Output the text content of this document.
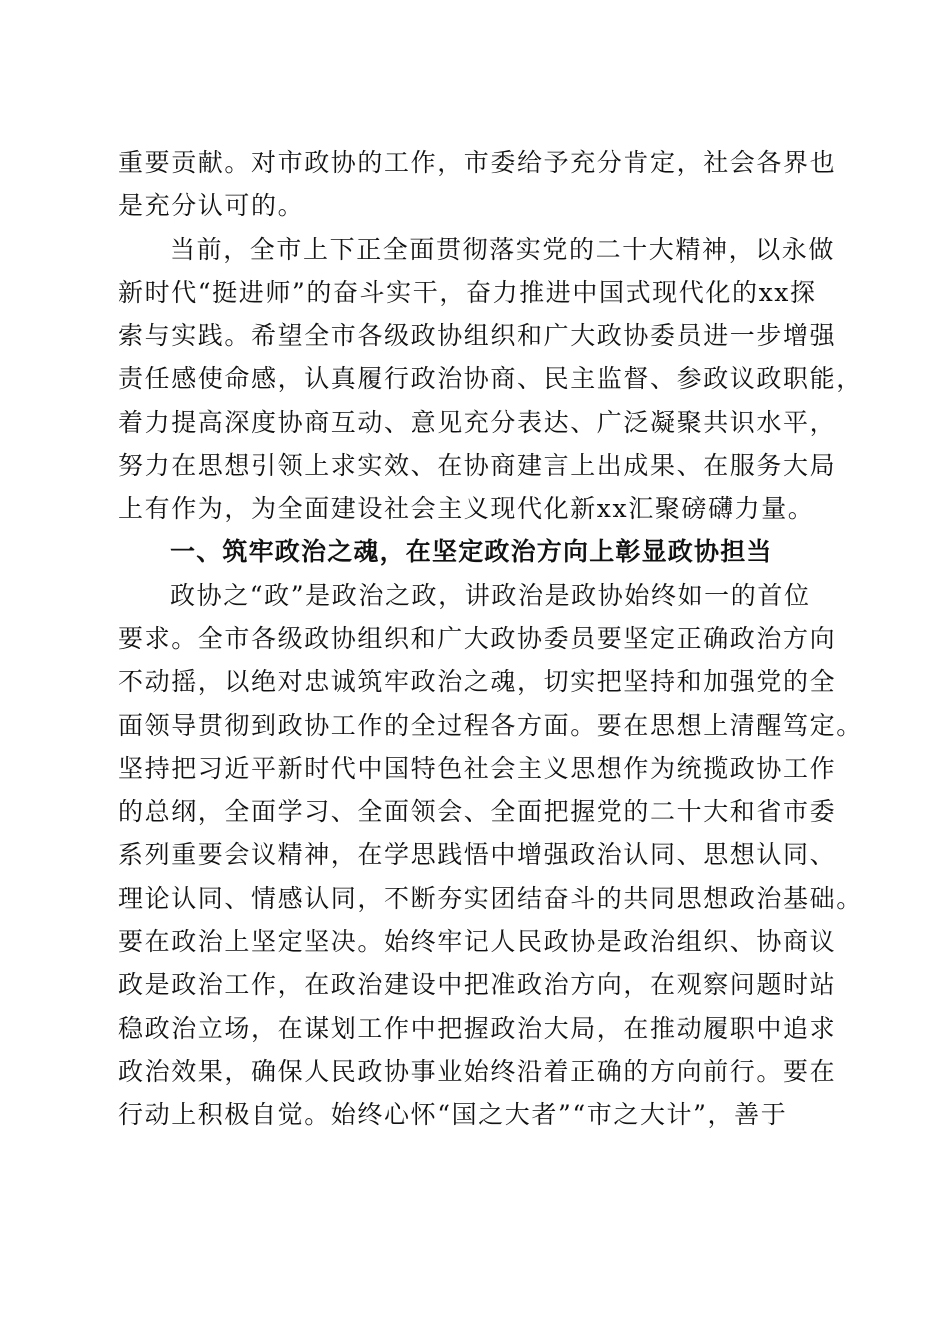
重要贡献。对市政协的工作，市委给予充分肯定，社会各界也
是充分认可的。
当前，全市上下正全面贯彻落实党的二十大精神，以永做
新时代“挺进师”的奋斗实干，奋力推进中国式现代化的xx探
索与实践。希望全市各级政协组织和广大政协委员进一步增强
责任感使命感，认真履行政治协商、民主监督、参政议政职能，
着力提高深度协商互动、意见充分表达、广泛凝聚共识水平，
努力在思想引领上求实效、在协商建言上出成果、在服务大局
上有作为，为全面建设社会主义现代化新xx汇聚磅礴力量。
一、筑牢政治之魂，在坚定政治方向上彰显政协担当
政协之“政”是政治之政，讲政治是政协始终如一的首位
要求。全市各级政协组织和广大政协委员要坚定正确政治方向
不动摇，以绝对忠诚筑牢政治之魂，切实把坚持和加强党的全
面领导贯彻到政协工作的全过程各方面。要在思想上清醒笃定。
坚持把习近平新时代中国特色社会主义思想作为统揽政协工作
的总纲，全面学习、全面领会、全面把握党的二十大和省市委
系列重要会议精神，在学思践悟中增强政治认同、思想认同、
理论认同、情感认同，不断夯实团结奋斗的共同思想政治基础。
要在政治上坚定坚决。始终牢记人民政协是政治组织、协商议
政是政治工作，在政治建设中把准政治方向，在观察问题时站
稳政治立场，在谋划工作中把握政治大局，在推动履职中追求
政治效果，确保人民政协事业始终沿着正确的方向前行。要在
行动上积极自觉。始终心怀“国之大者”“市之大计”，善于
